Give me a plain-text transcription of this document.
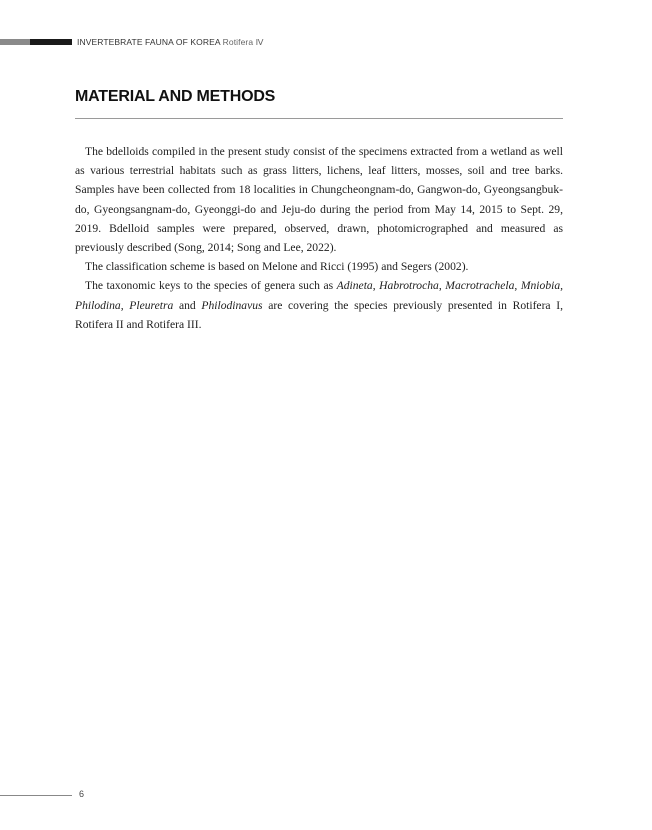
INVERTEBRATE FAUNA OF KOREA Rotifera Ⅳ
MATERIAL AND METHODS

The bdelloids compiled in the present study consist of the specimens extracted from a wetland as well as various terrestrial habitats such as grass litters, lichens, leaf litters, mosses, soil and tree barks. Samples have been collected from 18 localities in Chungcheongnam-do, Gangwon-do, Gyeongsangbuk-do, Gyeongsangnam-do, Gyeonggi-do and Jeju-do during the period from May 14, 2015 to Sept. 29, 2019. Bdelloid samples were prepared, observed, drawn, photomicrographed and measured as previously described (Song, 2014; Song and Lee, 2022).

The classification scheme is based on Melone and Ricci (1995) and Segers (2002).

The taxonomic keys to the species of genera such as Adineta, Habrotrocha, Macrotrachela, Mniobia, Philodina, Pleuretra and Philodinavus are covering the species previously presented in Rotifera I, Rotifera II and Rotifera III.

6
